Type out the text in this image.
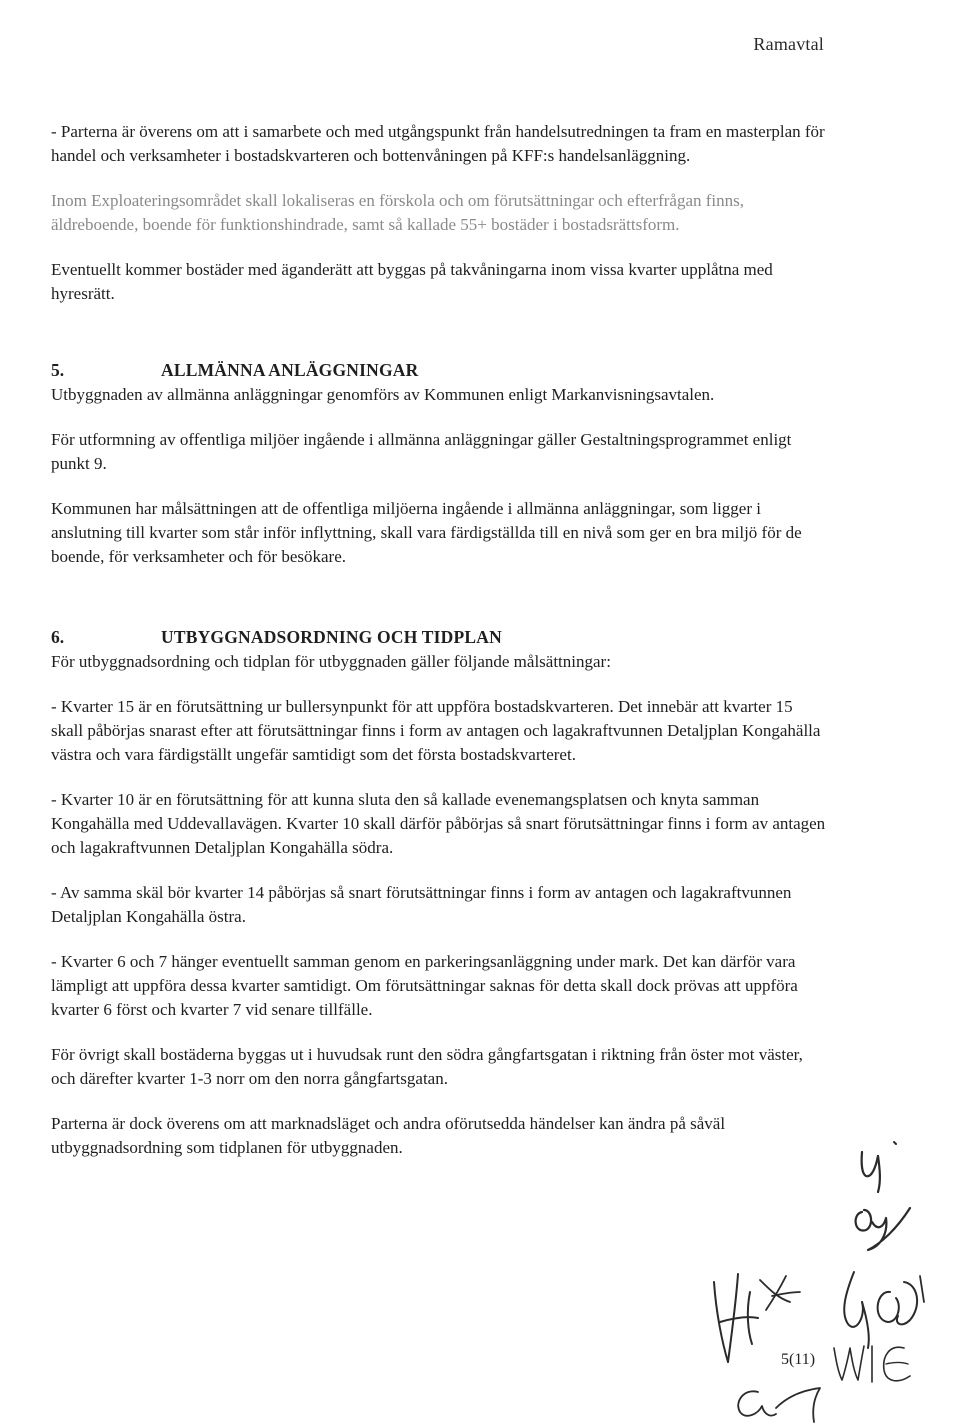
Ramavtal

- Parterna är överens om att i samarbete och med utgångspunkt från handelsutredningen ta fram en masterplan för handel och verksamheter i bostadskvarteren och bottenvåningen på KFF:s handelsanläggning.

Inom Exploateringsområdet skall lokaliseras en förskola och om förutsättningar och efterfrågan finns, äldreboende, boende för funktionshindrade, samt så kallade 55+ bostäder i bostadsrättsform.

Eventuellt kommer bostäder med äganderätt att byggas på takvåningarna inom vissa kvarter upplåtna med hyresrätt.

5.	ALLMÄNNA ANLÄGGNINGAR

Utbyggnaden av allmänna anläggningar genomförs av Kommunen enligt Markanvisningsavtalen.

För utformning av offentliga miljöer ingående i allmänna anläggningar gäller Gestaltningsprogrammet enligt punkt 9.

Kommunen har målsättningen att de offentliga miljöerna ingående i allmänna anläggningar, som ligger i anslutning till kvarter som står inför inflyttning, skall vara färdigställda till en nivå som ger en bra miljö för de boende, för verksamheter och för besökare.

6.	UTBYGGNADSORDNING OCH TIDPLAN

För utbyggnadsordning och tidplan för utbyggnaden gäller följande målsättningar:

- Kvarter 15 är en förutsättning ur bullersynpunkt för att uppföra bostadskvarteren. Det innebär att kvarter 15 skall påbörjas snarast efter att förutsättningar finns i form av antagen och lagakraftvunnen Detaljplan Kongahälla västra och vara färdigställt ungefär samtidigt som det första bostadskvarteret.

- Kvarter 10 är en förutsättning för att kunna sluta den så kallade evenemangsplatsen och knyta samman Kongahälla med Uddevallavägen. Kvarter 10 skall därför påbörjas så snart förutsättningar finns i form av antagen och lagakraftvunnen Detaljplan Kongahälla södra.

- Av samma skäl bör kvarter 14 påbörjas så snart förutsättningar finns i form av antagen och lagakraftvunnen Detaljplan Kongahälla östra.

- Kvarter 6 och 7 hänger eventuellt samman genom en parkeringsanläggning under mark. Det kan därför vara lämpligt att uppföra dessa kvarter samtidigt. Om förutsättningar saknas för detta skall dock prövas att uppföra kvarter 6 först och kvarter 7 vid senare tillfälle.

För övrigt skall bostäderna byggas ut i huvudsak runt den södra gångfartsgatan i riktning från öster mot väster, och därefter kvarter 1-3 norr om den norra gångfartsgatan.

Parterna är dock överens om att marknadsläget och andra oförutsedda händelser kan ändra på såväl utbyggnadsordning som tidplanen för utbyggnaden.

5(11)
